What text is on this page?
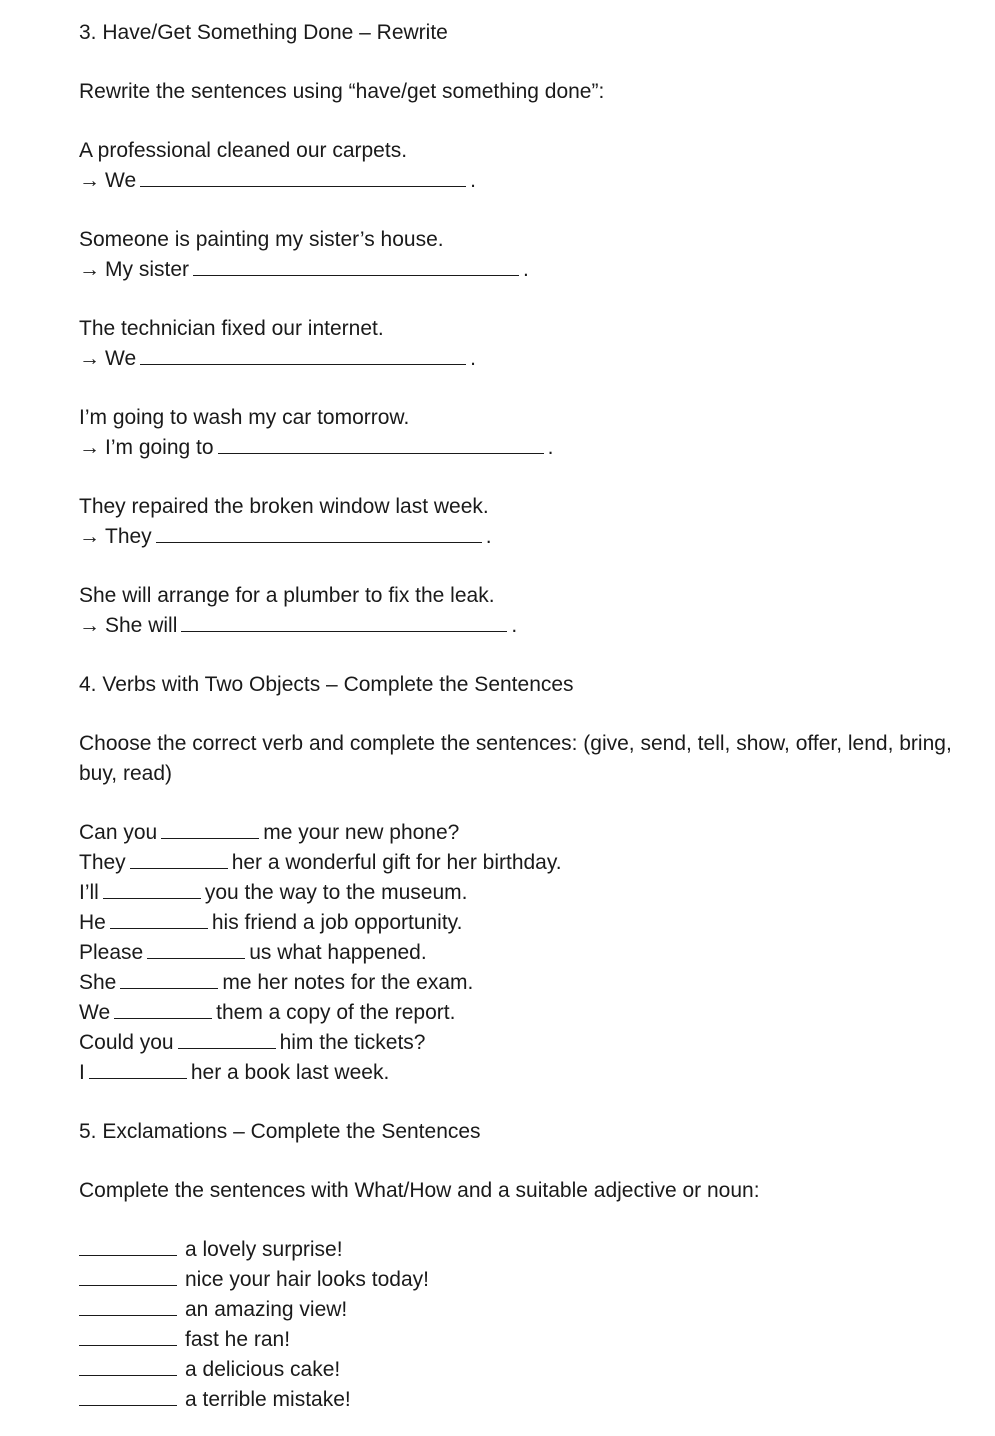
3. Have/Get Something Done – Rewrite
Rewrite the sentences using “have/get something done”:
A professional cleaned our carpets.
→ We	.
Someone is painting my sister’s house.
→ My sister	.
The technician fixed our internet.
→ We	.
I’m going to wash my car tomorrow.
→ I’m going to	.
They repaired the broken window last week.
→ They	.
She will arrange for a plumber to fix the leak.
→ She will	.
4. Verbs with Two Objects – Complete the Sentences
Choose the correct verb and complete the sentences: (give, send, tell, show, offer, lend, bring, buy, read)
Can you	me your new phone?
They	her a wonderful gift for her birthday.
I’ll	you the way to the museum.
He	his friend a job opportunity.
Please	us what happened.
She	me her notes for the exam.
We	them a copy of the report.
Could you	him the tickets?
I	her a book last week.
5. Exclamations – Complete the Sentences
Complete the sentences with What/How and a suitable adjective or noun:
a lovely surprise!
nice your hair looks today!
an amazing view!
fast he ran!
a delicious cake!
a terrible mistake!
